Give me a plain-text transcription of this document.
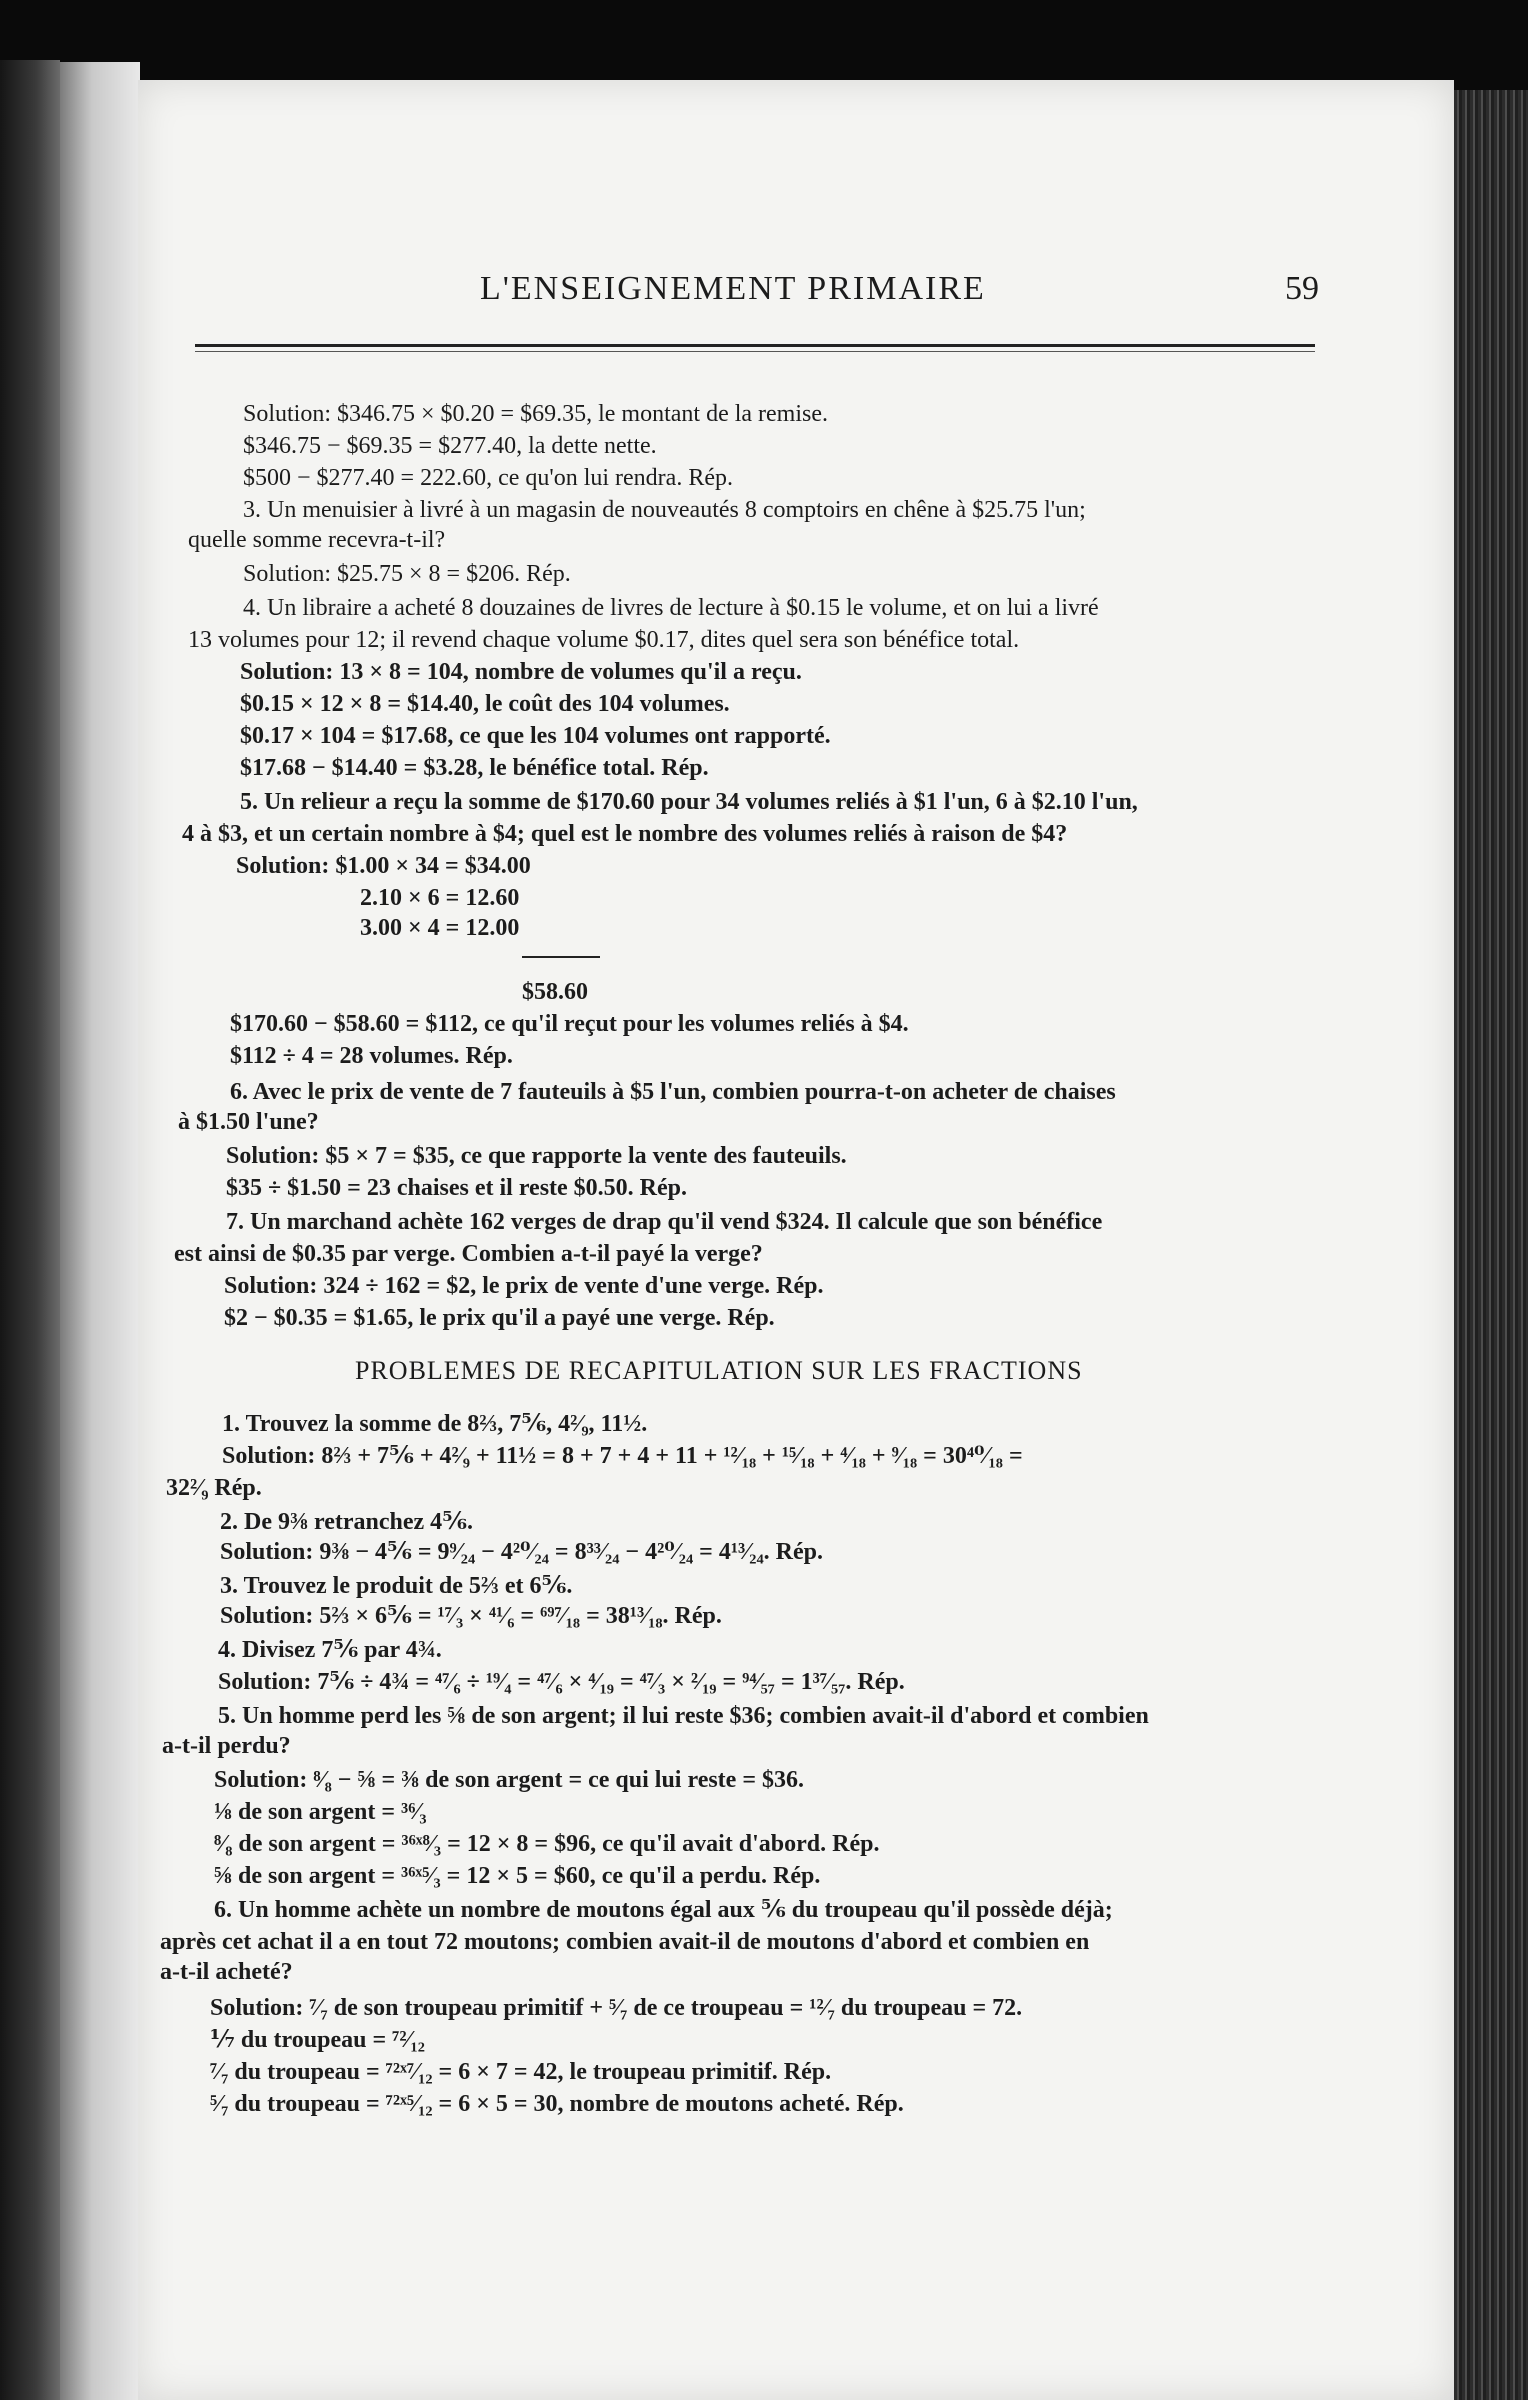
L'ENSEIGNEMENT PRIMAIRE	59
Solution: $346.75 × $0.20 = $69.35, le montant de la remise.
$346.75 − $69.35 = $277.40, la dette nette.
$500 − $277.40 = 222.60, ce qu'on lui rendra. Rép.
3. Un menuisier à livré à un magasin de nouveautés 8 comptoirs en chêne à $25.75 l'un;
quelle somme recevra-t-il?
Solution: $25.75 × 8 = $206. Rép.
4. Un libraire a acheté 8 douzaines de livres de lecture à $0.15 le volume, et on lui a livré
13 volumes pour 12; il revend chaque volume $0.17, dites quel sera son bénéfice total.
Solution: 13 × 8 = 104, nombre de volumes qu'il a reçu.
$0.15 × 12 × 8 = $14.40, le coût des 104 volumes.
$0.17 × 104 = $17.68, ce que les 104 volumes ont rapporté.
$17.68 − $14.40 = $3.28, le bénéfice total. Rép.
5. Un relieur a reçu la somme de $170.60 pour 34 volumes reliés à $1 l'un, 6 à $2.10 l'un,
4 à $3, et un certain nombre à $4; quel est le nombre des volumes reliés à raison de $4?
Solution: $1.00 × 34 = $34.00
2.10 × 6 = 12.60
3.00 × 4 = 12.00
$58.60
$170.60 − $58.60 = $112, ce qu'il reçut pour les volumes reliés à $4.
$112 ÷ 4 = 28 volumes. Rép.
6. Avec le prix de vente de 7 fauteuils à $5 l'un, combien pourra-t-on acheter de chaises
à $1.50 l'une?
Solution: $5 × 7 = $35, ce que rapporte la vente des fauteuils.
$35 ÷ $1.50 = 23 chaises et il reste $0.50. Rép.
7. Un marchand achète 162 verges de drap qu'il vend $324. Il calcule que son bénéfice
est ainsi de $0.35 par verge. Combien a-t-il payé la verge?
Solution: 324 ÷ 162 = $2, le prix de vente d'une verge. Rép.
$2 − $0.35 = $1.65, le prix qu'il a payé une verge. Rép.
PROBLEMES DE RECAPITULATION SUR LES FRACTIONS
1. Trouvez la somme de 8⅔, 7⅚, 4²⁄₉, 11½.
Solution: 8⅔ + 7⅚ + 4²⁄₉ + 11½ = 8 + 7 + 4 + 11 + ¹²⁄₁₈ + ¹⁵⁄₁₈ + ⁴⁄₁₈ + ⁹⁄₁₈ = 30⁴⁰⁄₁₈ =
32²⁄₉ Rép.
2. De 9⅜ retranchez 4⅚.
Solution: 9⅜ − 4⅚ = 9⁹⁄₂₄ − 4²⁰⁄₂₄ = 8³³⁄₂₄ − 4²⁰⁄₂₄ = 4¹³⁄₂₄. Rép.
3. Trouvez le produit de 5⅔ et 6⅚.
Solution: 5⅔ × 6⅚ = ¹⁷⁄₃ × ⁴¹⁄₆ = ⁶⁹⁷⁄₁₈ = 38¹³⁄₁₈. Rép.
4. Divisez 7⅚ par 4¾.
Solution: 7⅚ ÷ 4¾ = ⁴⁷⁄₆ ÷ ¹⁹⁄₄ = ⁴⁷⁄₆ × ⁴⁄₁₉ = ⁴⁷⁄₃ × ²⁄₁₉ = ⁹⁴⁄₅₇ = 1³⁷⁄₅₇. Rép.
5. Un homme perd les ⅝ de son argent; il lui reste $36; combien avait-il d'abord et combien
a-t-il perdu?
Solution: ⁸⁄₈ − ⅝ = ⅜ de son argent = ce qui lui reste = $36.
⅛ de son argent = ³⁶⁄₃
⁸⁄₈ de son argent = ³⁶ˣ⁸⁄₃ = 12 × 8 = $96, ce qu'il avait d'abord. Rép.
⅝ de son argent = ³⁶ˣ⁵⁄₃ = 12 × 5 = $60, ce qu'il a perdu. Rép.
6. Un homme achète un nombre de moutons égal aux ⅚ du troupeau qu'il possède déjà;
après cet achat il a en tout 72 moutons; combien avait-il de moutons d'abord et combien en
a-t-il acheté?
Solution: ⁷⁄₇ de son troupeau primitif + ⁵⁄₇ de ce troupeau = ¹²⁄₇ du troupeau = 72.
⅐ du troupeau = ⁷²⁄₁₂
⁷⁄₇ du troupeau = ⁷²ˣ⁷⁄₁₂ = 6 × 7 = 42, le troupeau primitif. Rép.
⁵⁄₇ du troupeau = ⁷²ˣ⁵⁄₁₂ = 6 × 5 = 30, nombre de moutons acheté. Rép.
